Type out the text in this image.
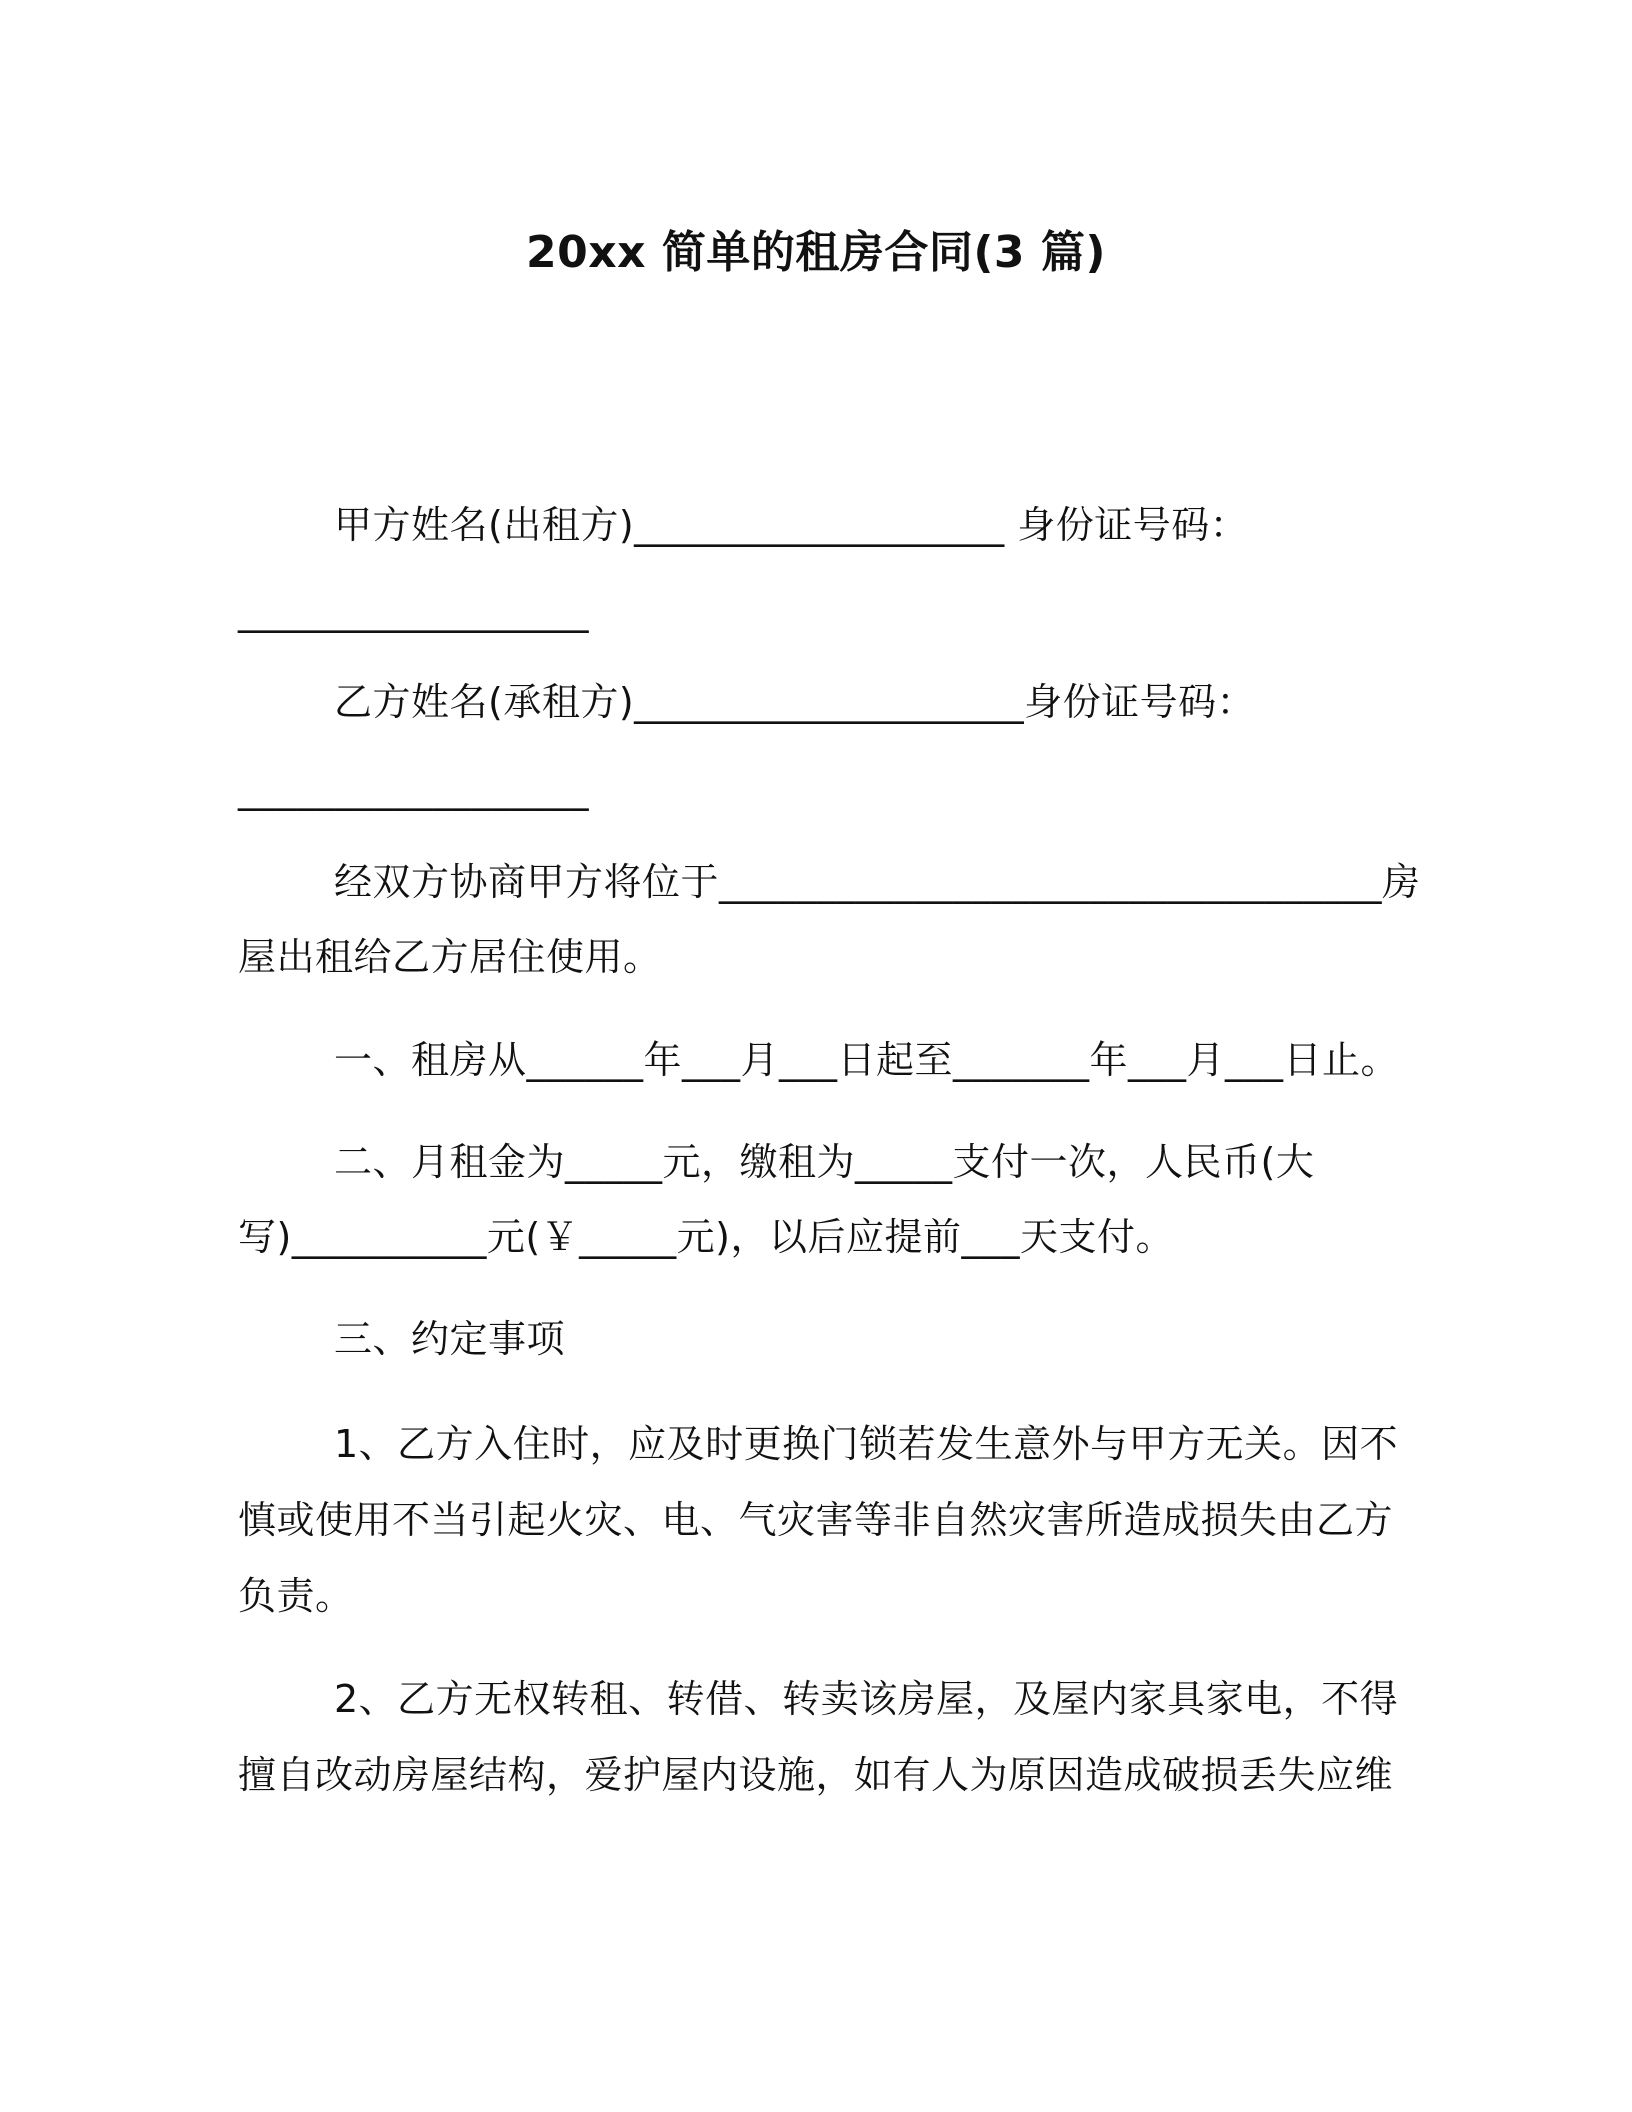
20xx 简单的租房合同(3 篇)
甲方姓名(出租方)___________________ 身份证号码：
__________________
乙方姓名(承租方)____________________身份证号码：
__________________
经双方协商甲方将位于__________________________________房
屋出租给乙方居住使用。
一、租房从______年___月___日起至_______年___月___日止。
二、月租金为_____元，缴租为_____支付一次，人民币(大
写)__________元(￥_____元)，以后应提前___天支付。
三、约定事项
1、乙方入住时，应及时更换门锁若发生意外与甲方无关。因不
慎或使用不当引起火灾、电、气灾害等非自然灾害所造成损失由乙方
负责。
2、乙方无权转租、转借、转卖该房屋，及屋内家具家电，不得
擅自改动房屋结构，爱护屋内设施，如有人为原因造成破损丢失应维
